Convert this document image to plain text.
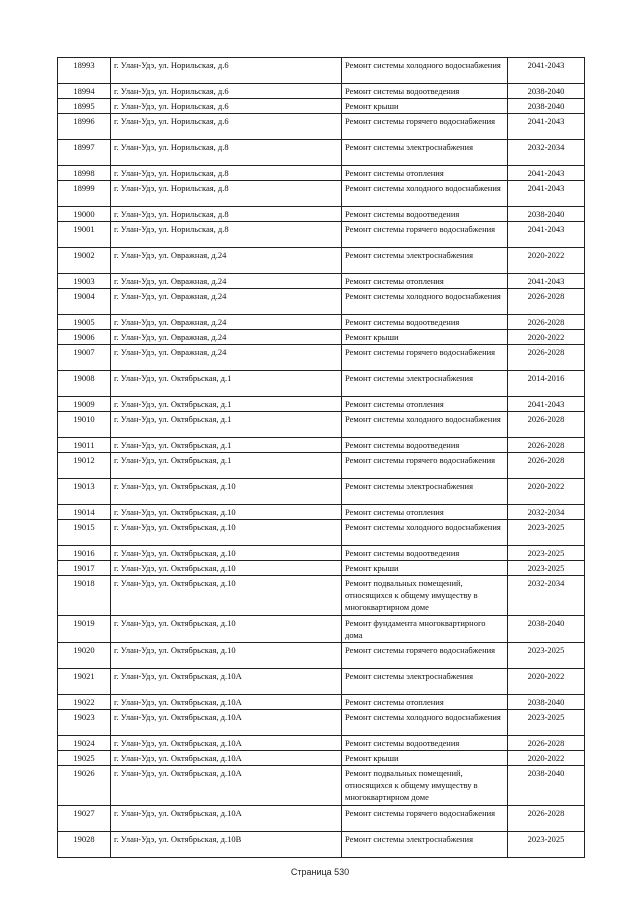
18993	г. Улан-Удэ, ул. Норильская, д.6	Ремонт системы холодного водоснабжения	2041-2043
18994	г. Улан-Удэ, ул. Норильская, д.6	Ремонт системы водоотведения	2038-2040
18995	г. Улан-Удэ, ул. Норильская, д.6	Ремонт крыши	2038-2040
18996	г. Улан-Удэ, ул. Норильская, д.6	Ремонт системы горячего водоснабжения	2041-2043
18997	г. Улан-Удэ, ул. Норильская, д.8	Ремонт системы электроснабжения	2032-2034
18998	г. Улан-Удэ, ул. Норильская, д.8	Ремонт системы отопления	2041-2043
18999	г. Улан-Удэ, ул. Норильская, д.8	Ремонт системы холодного водоснабжения	2041-2043
19000	г. Улан-Удэ, ул. Норильская, д.8	Ремонт системы водоотведения	2038-2040
19001	г. Улан-Удэ, ул. Норильская, д.8	Ремонт системы горячего водоснабжения	2041-2043
19002	г. Улан-Удэ, ул. Овражная, д.24	Ремонт системы электроснабжения	2020-2022
19003	г. Улан-Удэ, ул. Овражная, д.24	Ремонт системы отопления	2041-2043
19004	г. Улан-Удэ, ул. Овражная, д.24	Ремонт системы холодного водоснабжения	2026-2028
19005	г. Улан-Удэ, ул. Овражная, д.24	Ремонт системы водоотведения	2026-2028
19006	г. Улан-Удэ, ул. Овражная, д.24	Ремонт крыши	2020-2022
19007	г. Улан-Удэ, ул. Овражная, д.24	Ремонт системы горячего водоснабжения	2026-2028
19008	г. Улан-Удэ, ул. Октябрьская, д.1	Ремонт системы электроснабжения	2014-2016
19009	г. Улан-Удэ, ул. Октябрьская, д.1	Ремонт системы отопления	2041-2043
19010	г. Улан-Удэ, ул. Октябрьская, д.1	Ремонт системы холодного водоснабжения	2026-2028
19011	г. Улан-Удэ, ул. Октябрьская, д.1	Ремонт системы водоотведения	2026-2028
19012	г. Улан-Удэ, ул. Октябрьская, д.1	Ремонт системы горячего водоснабжения	2026-2028
19013	г. Улан-Удэ, ул. Октябрьская, д.10	Ремонт системы электроснабжения	2020-2022
19014	г. Улан-Удэ, ул. Октябрьская, д.10	Ремонт системы отопления	2032-2034
19015	г. Улан-Удэ, ул. Октябрьская, д.10	Ремонт системы холодного водоснабжения	2023-2025
19016	г. Улан-Удэ, ул. Октябрьская, д.10	Ремонт системы водоотведения	2023-2025
19017	г. Улан-Удэ, ул. Октябрьская, д.10	Ремонт крыши	2023-2025
19018	г. Улан-Удэ, ул. Октябрьская, д.10	Ремонт подвальных помещений, относящихся к общему имуществу в многоквартирном доме	2032-2034
19019	г. Улан-Удэ, ул. Октябрьская, д.10	Ремонт фундамента многоквартирного дома	2038-2040
19020	г. Улан-Удэ, ул. Октябрьская, д.10	Ремонт системы горячего водоснабжения	2023-2025
19021	г. Улан-Удэ, ул. Октябрьская, д.10А	Ремонт системы электроснабжения	2020-2022
19022	г. Улан-Удэ, ул. Октябрьская, д.10А	Ремонт системы отопления	2038-2040
19023	г. Улан-Удэ, ул. Октябрьская, д.10А	Ремонт системы холодного водоснабжения	2023-2025
19024	г. Улан-Удэ, ул. Октябрьская, д.10А	Ремонт системы водоотведения	2026-2028
19025	г. Улан-Удэ, ул. Октябрьская, д.10А	Ремонт крыши	2020-2022
19026	г. Улан-Удэ, ул. Октябрьская, д.10А	Ремонт подвальных помещений, относящихся к общему имуществу в многоквартирном доме	2038-2040
19027	г. Улан-Удэ, ул. Октябрьская, д.10А	Ремонт системы горячего водоснабжения	2026-2028
19028	г. Улан-Удэ, ул. Октябрьская, д.10В	Ремонт системы электроснабжения	2023-2025
Страница 530
